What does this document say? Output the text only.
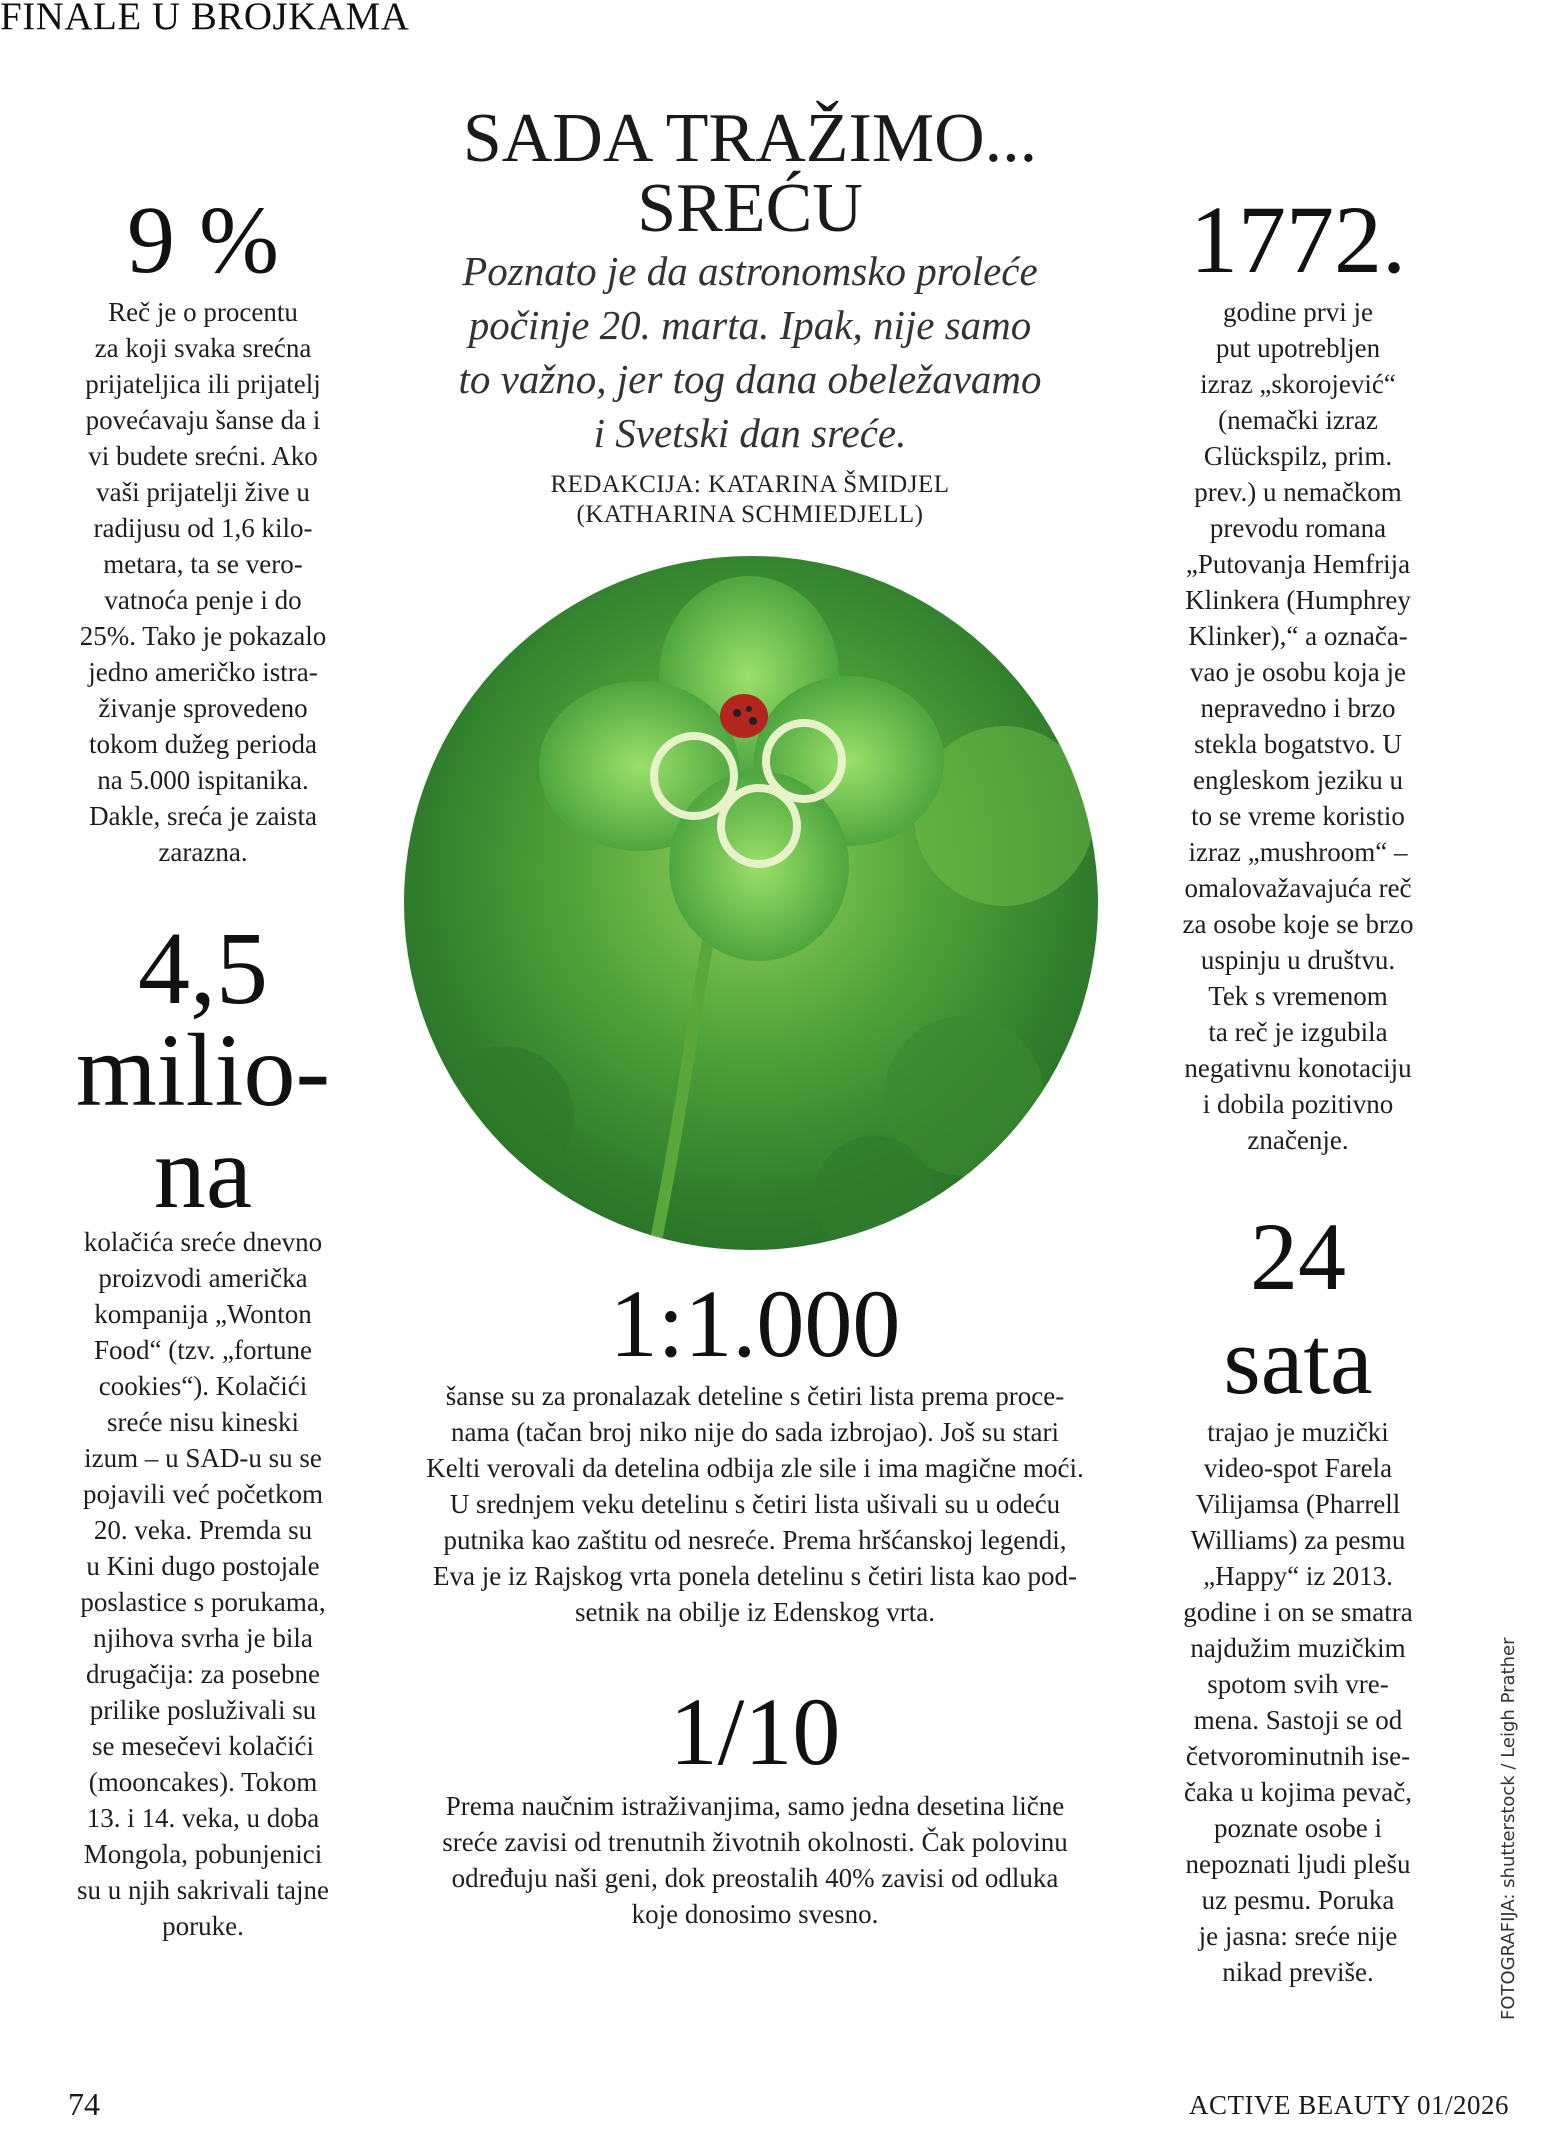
FINALE U BROJKAMA
SADA TRAŽIMO...
SREĆU
Poznato je da astronomsko proleće
počinje 20. marta. Ipak, nije samo
to važno, jer tog dana obeležavamo
i Svetski dan sreće.
REDAKCIJA: KATARINA ŠMIDJEL
(KATHARINA SCHMIEDJELL)
9 %
Reč je o procentu
za koji svaka srećna
prijateljica ili prijatelj
povećavaju šanse da i
vi budete srećni. Ako
vaši prijatelji žive u
radijusu od 1,6 kilo-
metara, ta se vero-
vatnoća penje i do
25%. Tako je pokazalo
jedno američko istra-
živanje sprovedeno
tokom dužeg perioda
na 5.000 ispitanika.
Dakle, sreća je zaista
zarazna.
4,5
milio-
na
kolačića sreće dnevno
proizvodi američka
kompanija „Wonton
Food“ (tzv. „fortune
cookies“). Kolačići
sreće nisu kineski
izum – u SAD-u su se
pojavili već početkom
20. veka. Premda su
u Kini dugo postojale
poslastice s porukama,
njihova svrha je bila
drugačija: za posebne
prilike posluživali su
se mesečevi kolačići
(mooncakes). Tokom
13. i 14. veka, u doba
Mongola, pobunjenici
su u njih sakrivali tajne
poruke.
1772.
godine prvi je
put upotrebljen
izraz „skorojević“
(nemački izraz
Glückspilz, prim.
prev.) u nemačkom
prevodu romana
„Putovanja Hemfrija
Klinkera (Humphrey
Klinker),“ a označa-
vao je osobu koja je
nepravedno i brzo
stekla bogatstvo. U
engleskom jeziku u
to se vreme koristio
izraz „mushroom“ –
omalovažavajuća reč
za osobe koje se brzo
uspinju u društvu.
Tek s vremenom
ta reč je izgubila
negativnu konotaciju
i dobila pozitivno
značenje.
24
sata
trajao je muzički
video-spot Farela
Vilijamsa (Pharrell
Williams) za pesmu
„Happy“ iz 2013.
godine i on se smatra
najdužim muzičkim
spotom svih vre-
mena. Sastoji se od
četvorominutnih ise-
čaka u kojima pevač,
poznate osobe i
nepoznati ljudi plešu
uz pesmu. Poruka
je jasna: sreće nije
nikad previše.
1:1.000
šanse su za pronalazak deteline s četiri lista prema proce-
nama (tačan broj niko nije do sada izbrojao). Još su stari
Kelti verovali da detelina odbija zle sile i ima magične moći.
U srednjem veku detelinu s četiri lista ušivali su u odeću
putnika kao zaštitu od nesreće. Prema hršćanskoj legendi,
Eva je iz Rajskog vrta ponela detelinu s četiri lista kao pod-
setnik na obilje iz Edenskog vrta.
1/10
Prema naučnim istraživanjima, samo jedna desetina lične
sreće zavisi od trenutnih životnih okolnosti. Čak polovinu
određuju naši geni, dok preostalih 40% zavisi od odluka
koje donosimo svesno.	FOTOGRAFIJA: shutterstock / Leigh Prather
74	ACTIVE BEAUTY 01/2026
